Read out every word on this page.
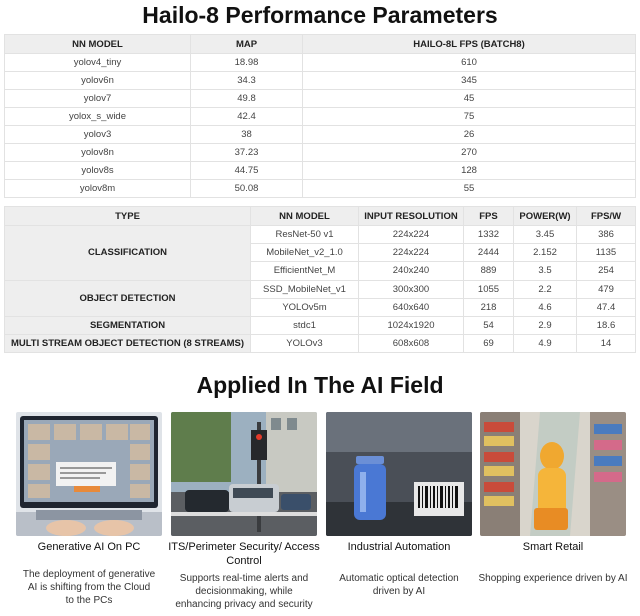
Hailo-8 Performance Parameters
NN MODEL	MAP	HAILO-8L FPS (BATCH8)
yolov4_tiny	18.98	610
yolov6n	34.3	345
yolov7	49.8	45
yolox_s_wide	42.4	75
yolov3	38	26
yolov8n	37.23	270
yolov8s	44.75	128
yolov8m	50.08	55
TYPE	NN MODEL	INPUT RESOLUTION	FPS	POWER(W)	FPS/W
CLASSIFICATION	ResNet-50 v1	224x224	1332	3.45	386
	MobileNet_v2_1.0	224x224	2444	2.152	1135
	EfficientNet_M	240x240	889	3.5	254
OBJECT DETECTION	SSD_MobileNet_v1	300x300	1055	2.2	479
	YOLOv5m	640x640	218	4.6	47.4
SEGMENTATION	stdc1	1024x1920	54	2.9	18.6
MULTI STREAM OBJECT DETECTION (8 STREAMS)	YOLOv3	608x608	69	4.9	14
Applied In The AI Field
Generative AI On PC
The deployment of generative
AI is shifting from the Cloud
to the PCs
ITS/Perimeter Security/ Access Control
Supports real-time alerts and
decisionmaking, while
enhancing privacy and security
Industrial Automation
Automatic optical detection
driven by AI
Smart Retail
Shopping experience driven by AI
